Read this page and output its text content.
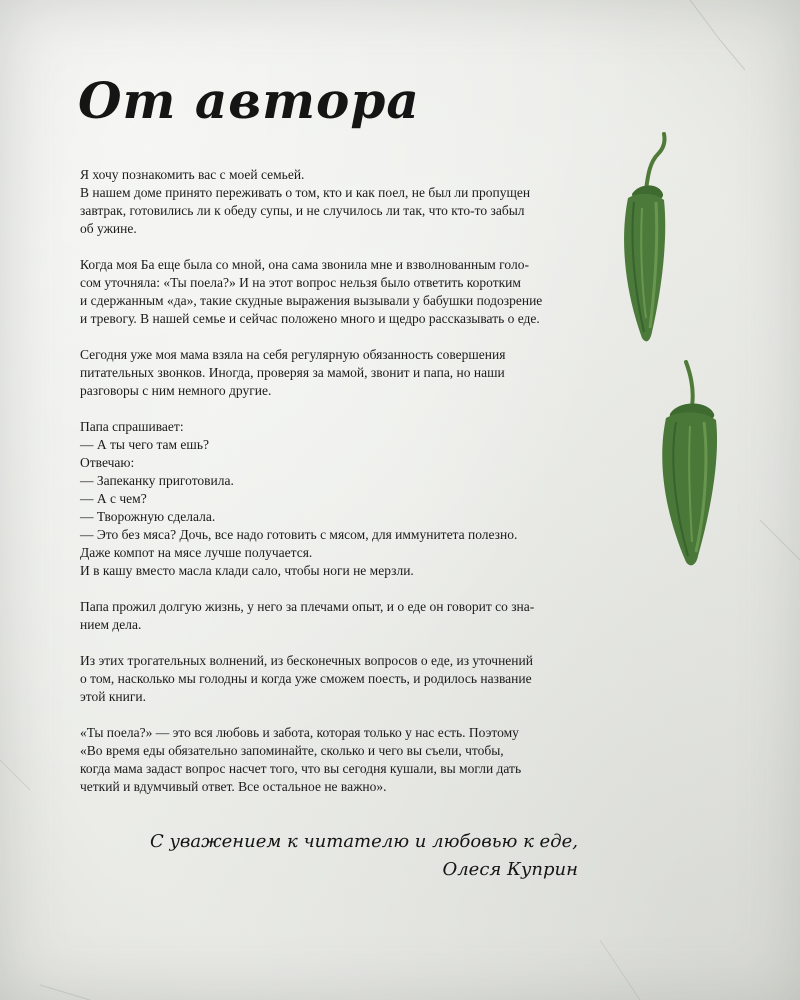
От автора

Я хочу познакомить вас с моей семьей.
В нашем доме принято переживать о том, кто и как поел, не был ли пропущен
завтрак, готовились ли к обеду супы, и не случилось ли так, что кто-то забыл
об ужине.

Когда моя Ба еще была со мной, она сама звонила мне и взволнованным голо-
сом уточняла: «Ты поела?» И на этот вопрос нельзя было ответить коротким
и сдержанным «да», такие скудные выражения вызывали у бабушки подозрение
и тревогу. В нашей семье и сейчас положено много и щедро рассказывать о еде.

Сегодня уже моя мама взяла на себя регулярную обязанность совершения
питательных звонков. Иногда, проверяя за мамой, звонит и папа, но наши
разговоры с ним немного другие.

Папа спрашивает:
— А ты чего там ешь?
Отвечаю:
— Запеканку приготовила.
— А с чем?
— Творожную сделала.
— Это без мяса? Дочь, все надо готовить с мясом, для иммунитета полезно.
Даже компот на мясе лучше получается.
И в кашу вместо масла клади сало, чтобы ноги не мерзли.

Папа прожил долгую жизнь, у него за плечами опыт, и о еде он говорит со зна-
нием дела.

Из этих трогательных волнений, из бесконечных вопросов о еде, из уточнений
о том, насколько мы голодны и когда уже сможем поесть, и родилось название
этой книги.

«Ты поела?» — это вся любовь и забота, которая только у нас есть. Поэтому
«Во время еды обязательно запоминайте, сколько и чего вы съели, чтобы,
когда мама задаст вопрос насчет того, что вы сегодня кушали, вы могли дать
четкий и вдумчивый ответ. Все остальное не важно».

С уважением к читателю и любовью к еде,
Олеся Куприн
